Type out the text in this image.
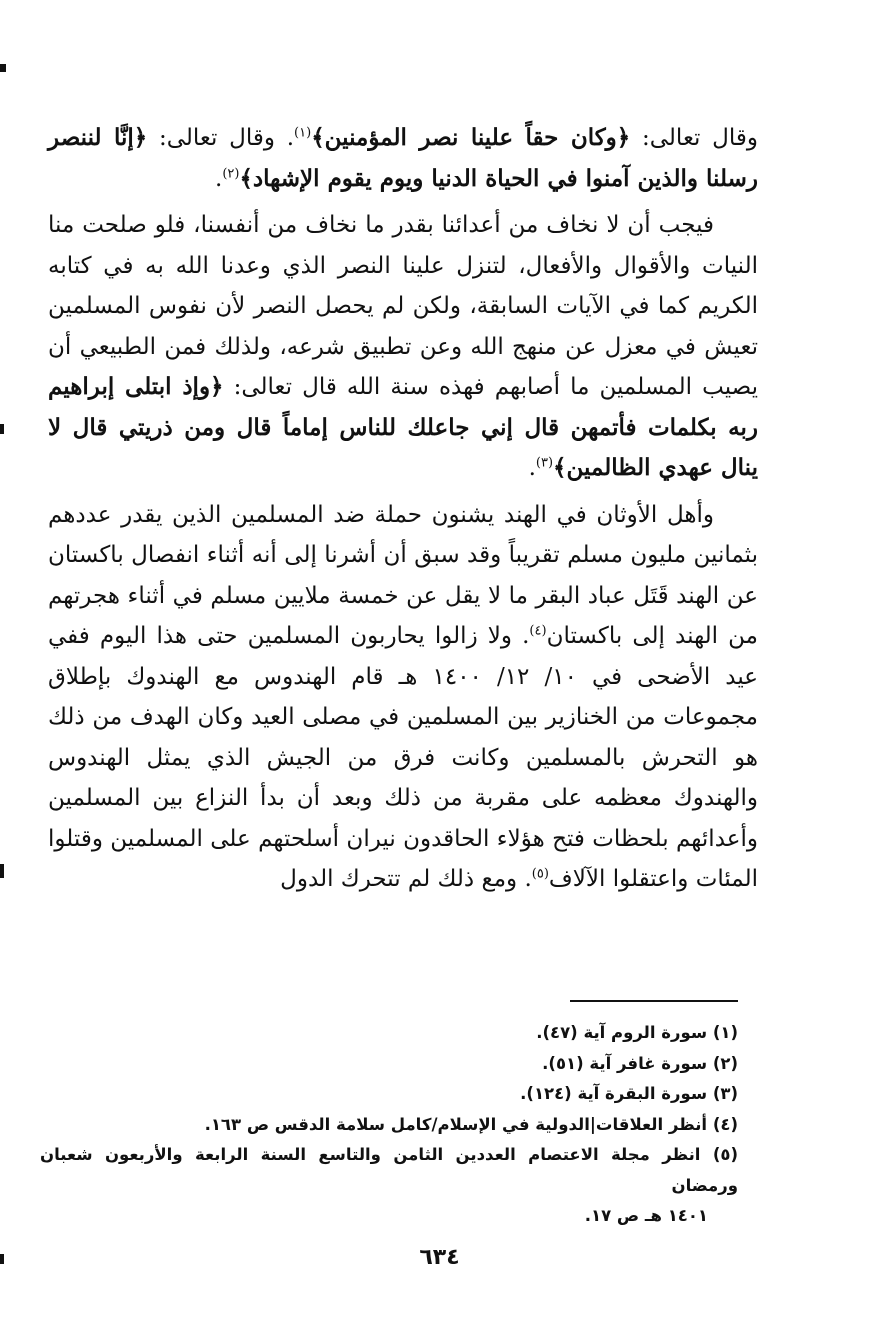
وقال تعالى: ﴿وكان حقاً علينا نصر المؤمنين﴾$^{(١)}$. وقال تعالى: ﴿إنَّا لننصر رسلنا والذين آمنوا في الحياة الدنيا ويوم يقوم الإشهاد﴾$^{(٢)}$.

فيجب أن لا نخاف من أعدائنا بقدر ما نخاف من أنفسنا، فلو صلحت منا النيات والأقوال والأفعال، لتنزل علينا النصر الذي وعدنا الله به في كتابه الكريم كما في الآيات السابقة، ولكن لم يحصل النصر لأن نفوس المسلمين تعيش في معزل عن منهج الله وعن تطبيق شرعه، ولذلك فمن الطبيعي أن يصيب المسلمين ما أصابهم فهذه سنة الله قال تعالى: ﴿وإذ ابتلى إبراهيم ربه بكلمات فأتمهن قال إني جاعلك للناس إماماً قال ومن ذريتي قال لا ينال عهدي الظالمين﴾$^{(٣)}$.

وأهل الأوثان في الهند يشنون حملة ضد المسلمين الذين يقدر عددهم بثمانين مليون مسلم تقريباً وقد سبق أن أشرنا إلى أنه أثناء انفصال باكستان عن الهند قَتَل عباد البقر ما لا يقل عن خمسة ملايين مسلم في أثناء هجرتهم من الهند إلى باكستان$^{(٤)}$. ولا زالوا يحاربون المسلمين حتى هذا اليوم ففي عيد الأضحى في ١٠/ ١٢/ ١٤٠٠ هـ قام الهندوس مع الهندوك بإطلاق مجموعات من الخنازير بين المسلمين في مصلى العيد وكان الهدف من ذلك هو التحرش بالمسلمين وكانت فرق من الجيش الذي يمثل الهندوس والهندوك معظمه على مقربة من ذلك وبعد أن بدأ النزاع بين المسلمين وأعدائهم بلحظات فتح هؤلاء الحاقدون نيران أسلحتهم على المسلمين وقتلوا المئات واعتقلوا الآلاف$^{(٥)}$. ومع ذلك لم تتحرك الدول

(١) سورة الروم آية (٤٧).

(٢) سورة غافر آية (٥١).

(٣) سورة البقرة آية (١٢٤).

(٤) أنظر العلاقات|الدولية في الإسلام/كامل سلامة الدقس ص ١٦٣.

(٥) انظر مجلة الاعتصام العددين الثامن والتاسع السنة الرابعة والأربعون شعبان ورمضان

١٤٠١ هـ ص ١٧.

٦٣٤
